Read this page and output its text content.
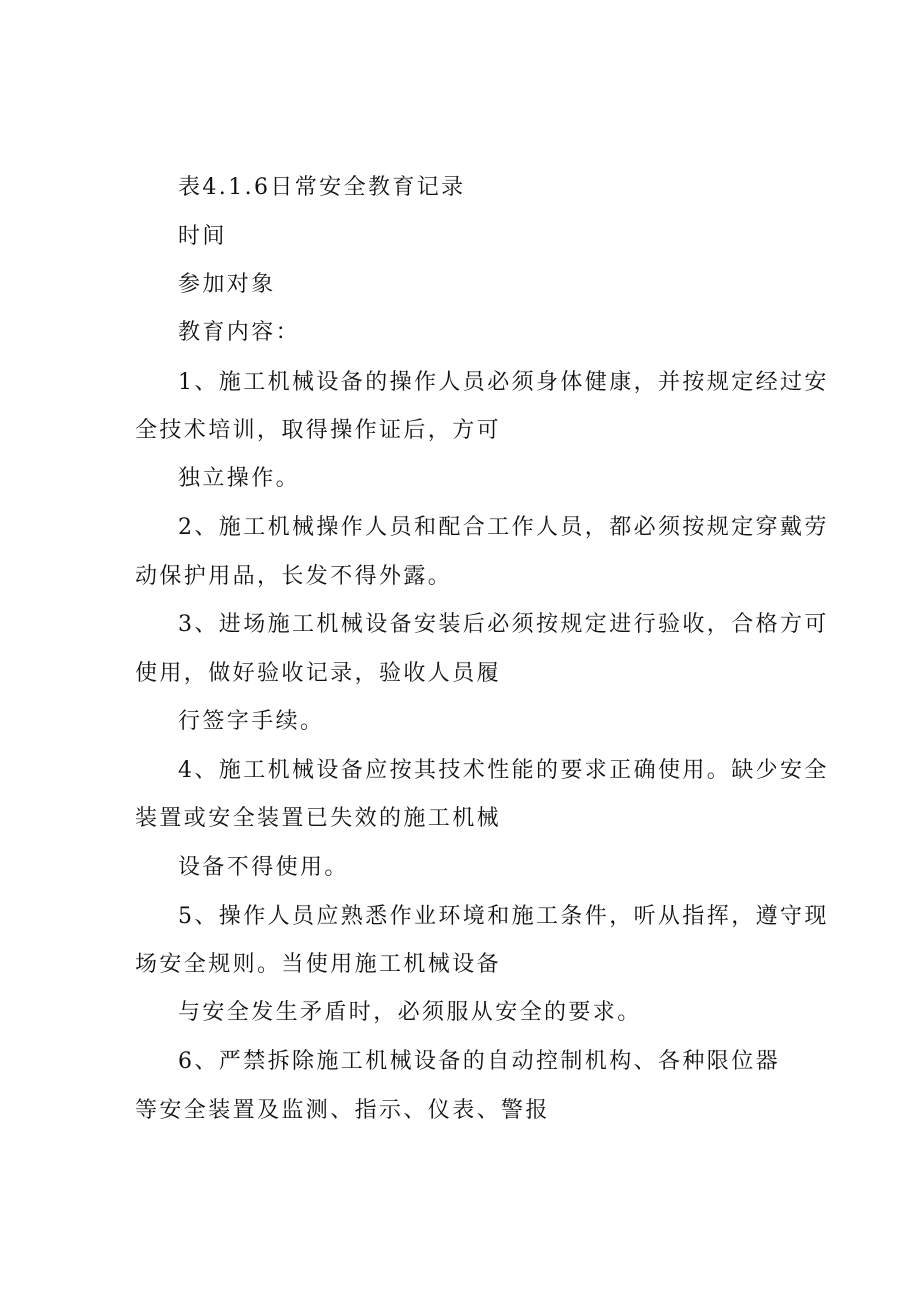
表4.1.6日常安全教育记录
时间
参加对象
教育内容：
1、施工机械设备的操作人员必须身体健康，并按规定经过安
全技术培训，取得操作证后，方可
独立操作。
2、施工机械操作人员和配合工作人员，都必须按规定穿戴劳
动保护用品，长发不得外露。
3、进场施工机械设备安装后必须按规定进行验收，合格方可
使用，做好验收记录，验收人员履
行签字手续。
4、施工机械设备应按其技术性能的要求正确使用。缺少安全
装置或安全装置已失效的施工机械
设备不得使用。
5、操作人员应熟悉作业环境和施工条件，听从指挥，遵守现
场安全规则。当使用施工机械设备
与安全发生矛盾时，必须服从安全的要求。
6、严禁拆除施工机械设备的自动控制机构、各种限位器
等安全装置及监测、指示、仪表、警报
